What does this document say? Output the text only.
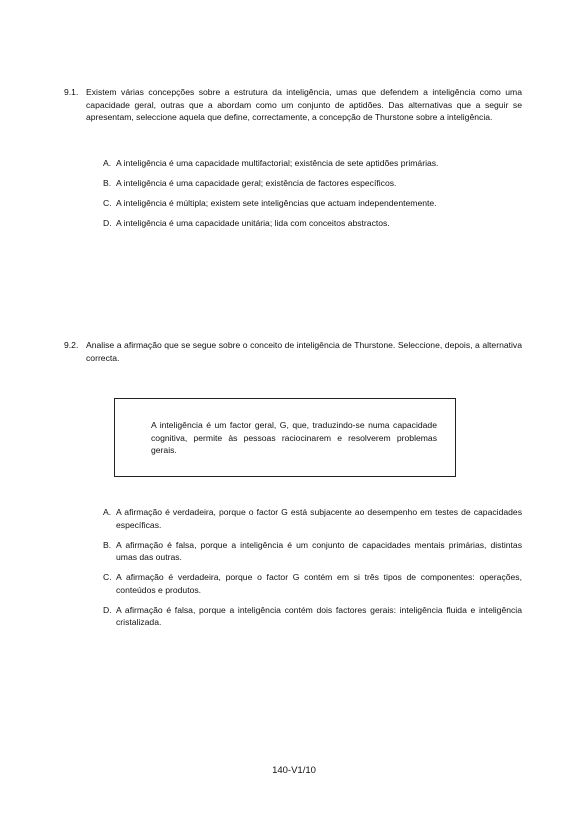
9.1. Existem várias concepções sobre a estrutura da inteligência, umas que defendem a inteligência como uma capacidade geral, outras que a abordam como um conjunto de aptidões. Das alternativas que a seguir se apresentam, seleccione aquela que define, correctamente, a concepção de Thurstone sobre a inteligência.
A. A inteligência é uma capacidade multifactorial; existência de sete aptidões primárias.
B. A inteligência é uma capacidade geral; existência de factores específicos.
C. A inteligência é múltipla; existem sete inteligências que actuam independentemente.
D. A inteligência é uma capacidade unitária; lida com conceitos abstractos.
9.2. Analise a afirmação que se segue sobre o conceito de inteligência de Thurstone. Seleccione, depois, a alternativa correcta.
A inteligência é um factor geral, G, que, traduzindo-se numa capacidade cognitiva, permite às pessoas raciocinarem e resolverem problemas gerais.
A. A afirmação é verdadeira, porque o factor G está subjacente ao desempenho em testes de capacidades específicas.
B. A afirmação é falsa, porque a inteligência é um conjunto de capacidades mentais primárias, distintas umas das outras.
C. A afirmação é verdadeira, porque o factor G contém em si três tipos de componentes: operações, conteúdos e produtos.
D. A afirmação é falsa, porque a inteligência contém dois factores gerais: inteligência fluida e inteligência cristalizada.
140-V1/10
